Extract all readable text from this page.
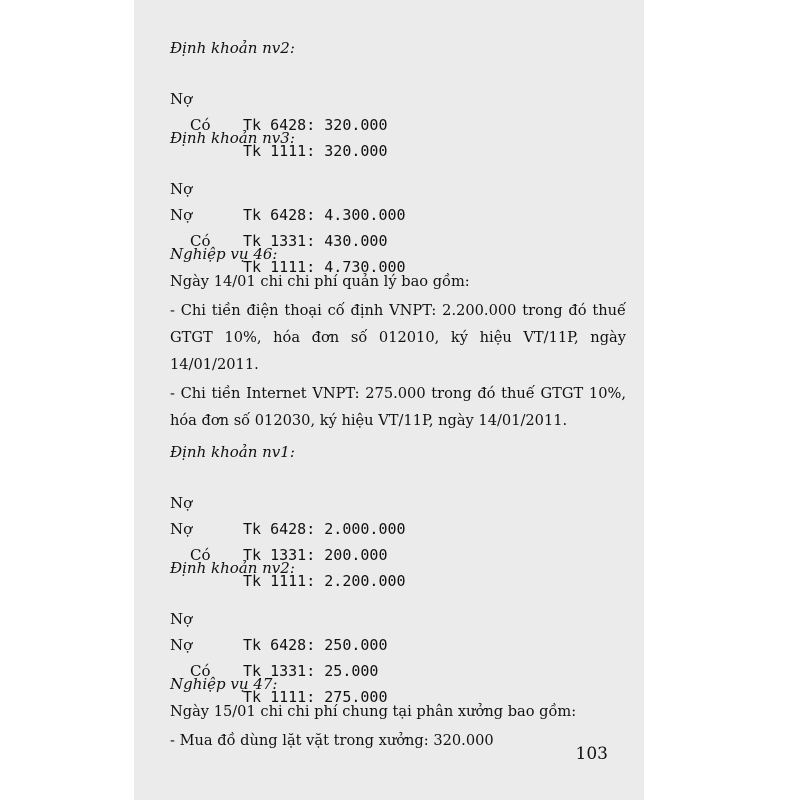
Định khoản nv2:

Nợ

Tk 6428: 320.000

Có

Tk 1111: 320.000

Định khoản nv3:

Nợ

Tk 6428: 4.300.000

Nợ

Tk 1331: 430.000

Có

Tk 1111: 4.730.000

Nghiệp vụ 46:
Ngày 14/01 chi chi phí quản lý bao gồm:
- Chi tiền điện thoại cố định VNPT: 2.200.000 trong đó thuế GTGT 10%, hóa đơn số 012010, ký hiệu VT/11P, ngày 14/01/2011.
- Chi tiền Internet VNPT: 275.000 trong đó thuế GTGT 10%, hóa đơn số 012030, ký hiệu VT/11P, ngày 14/01/2011.
Định khoản nv1:

Nợ

Tk 6428: 2.000.000

Nợ

Tk 1331: 200.000

Có

Tk 1111: 2.200.000

Định khoản nv2:

Nợ

Tk 6428: 250.000

Nợ

Tk 1331: 25.000

Có

Tk 1111: 275.000

Nghiệp vụ 47:
Ngày 15/01 chi chi phí chung tại phân xưởng bao gồm:
- Mua đồ dùng lặt vặt trong xưởng: 320.000
103
